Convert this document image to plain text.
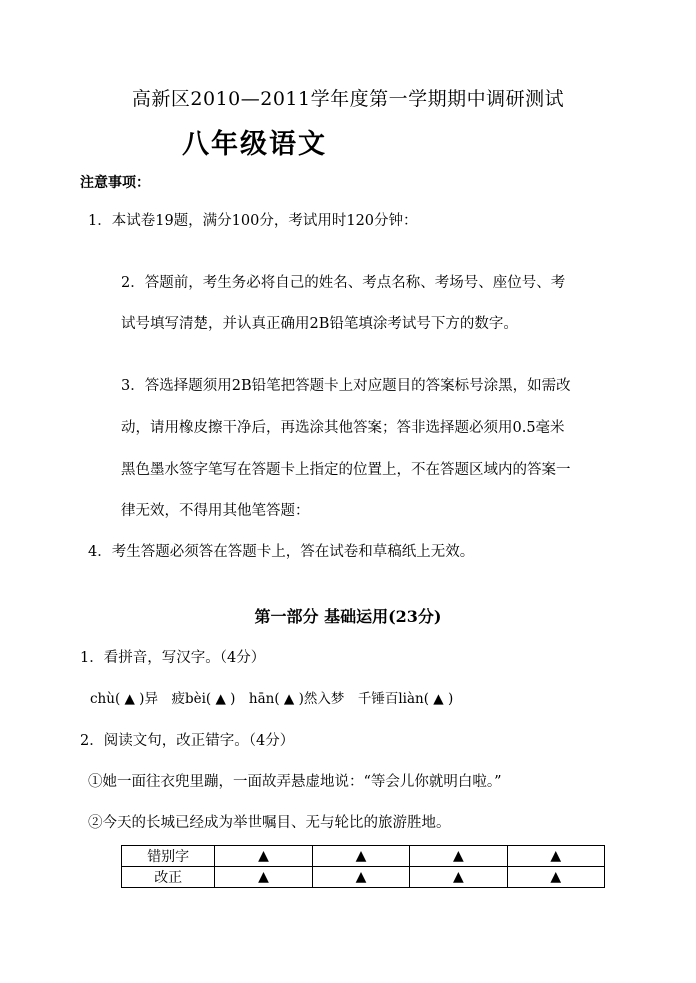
高新区2010—2011学年度第一学期期中调研测试
八年级语文
注意事项：
1．本试卷19题，满分100分，考试用时120分钟：
2．答题前，考生务必将自己的姓名、考点名称、考场号、座位号、考
试号填写清楚，并认真正确用2B铅笔填涂考试号下方的数字。
3．答选择题须用2B铅笔把答题卡上对应题目的答案标号涂黑，如需改
动，请用橡皮擦干净后，再选涂其他答案；答非选择题必须用0.5毫米
黑色墨水签字笔写在答题卡上指定的位置上，不在答题区域内的答案一
律无效，不得用其他笔答题：
4．考生答题必须答在答题卡上，答在试卷和草稿纸上无效。
第一部分 基础运用(23分)
1．看拼音，写汉字。（4分）
chù( ▲ )异　疲bèi( ▲ )　hān( ▲ )然入梦　千锤百liàn( ▲ )
2．阅读文句，改正错字。（4分）
①她一面往衣兜里蹦，一面故弄悬虚地说：“等会儿你就明白啦。”
②今天的长城已经成为举世嘱目、无与轮比的旅游胜地。
错别字	▲	▲	▲	▲
改正	▲	▲	▲	▲
